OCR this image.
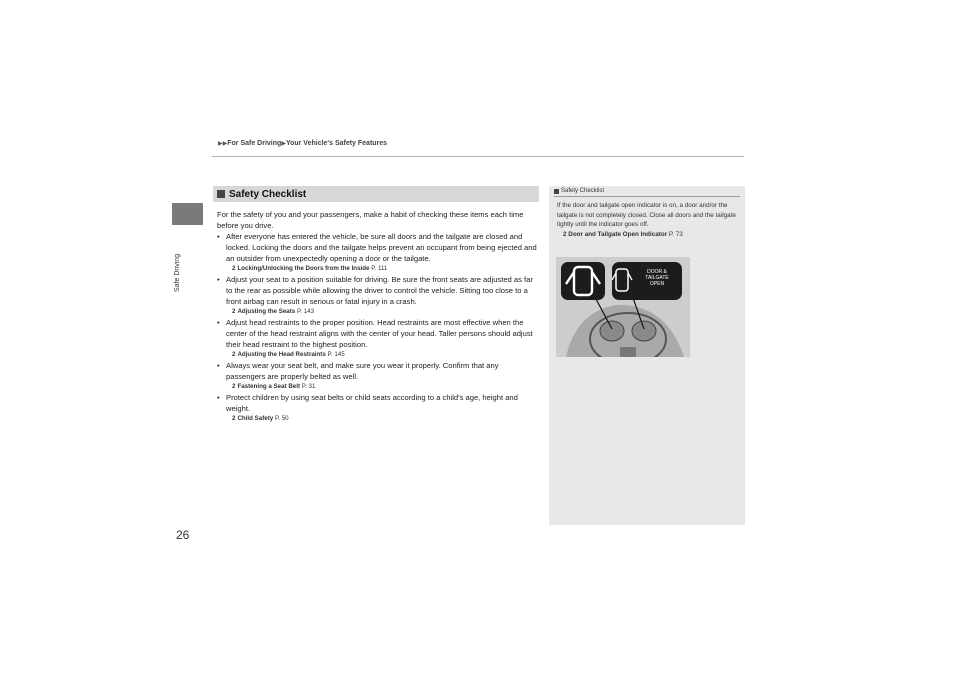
Safe Driving
▶▶For Safe Driving▶Your Vehicle's Safety Features
Safety Checklist

For the safety of you and your passengers, make a habit of checking these items each time before you drive.

• After everyone has entered the vehicle, be sure all doors and the tailgate are closed and locked. Locking the doors and the tailgate helps prevent an occupant from being ejected and an outsider from unexpectedly opening a door or the tailgate.
2 Locking/Unlocking the Doors from the Inside P. 111
• Adjust your seat to a position suitable for driving. Be sure the front seats are adjusted as far to the rear as possible while allowing the driver to control the vehicle. Sitting too close to a front airbag can result in serious or fatal injury in a crash.
2 Adjusting the Seats P. 143
• Adjust head restraints to the proper position. Head restraints are most effective when the center of the head restraint aligns with the center of your head. Taller persons should adjust their head restraint to the highest position.
2 Adjusting the Head Restraints P. 145
• Always wear your seat belt, and make sure you wear it properly. Confirm that any passengers are properly belted as well.
2 Fastening a Seat Belt P. 31
• Protect children by using seat belts or child seats according to a child's age, height and weight.
2 Child Safety P. 50
Safety Checklist
If the door and tailgate open indicator is on, a door and/or the tailgate is not completely closed. Close all doors and the tailgate tightly until the indicator goes off.
2 Door and Tailgate Open Indicator P. 73
DOOR &
TAILGATE
OPEN
26
